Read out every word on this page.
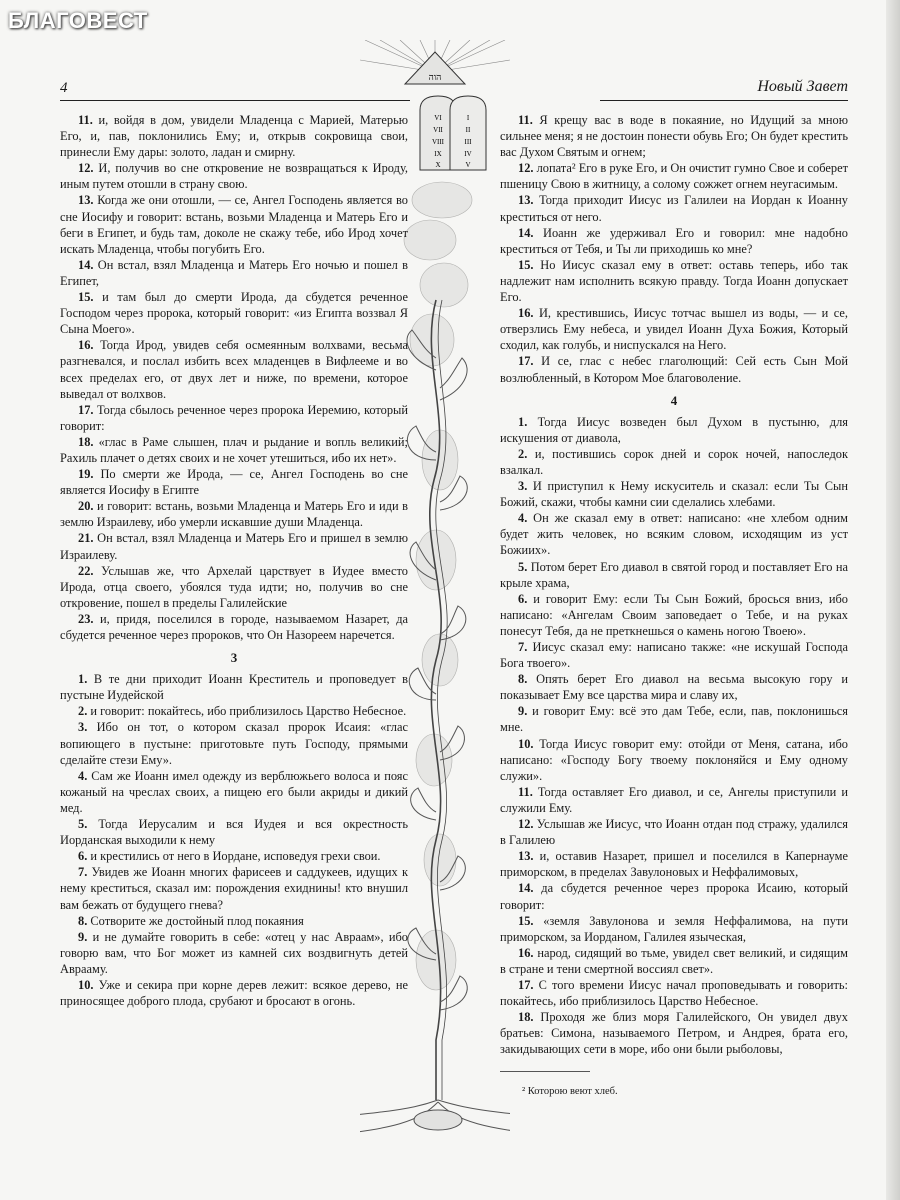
4	Новый Завет
הוה
VI
VII
VIII
IX
X
I
II
III
IV
V

11. и, войдя в дом, увидели Младенца с Марией, Матерью Его, и, пав, поклонились Ему; и, открыв сокровища свои, принесли Ему дары: золото, ладан и смирну.

12. И, получив во сне откровение не возвращаться к Ироду, иным путем отошли в страну свою.

13. Когда же они отошли, — се, Ангел Господень является во сне Иосифу и говорит: встань, возьми Младенца и Матерь Его и беги в Египет, и будь там, доколе не скажу тебе, ибо Ирод хочет искать Младенца, чтобы погубить Его.

14. Он встал, взял Младенца и Матерь Его ночью и пошел в Египет,

15. и там был до смерти Ирода, да сбудется реченное Господом через пророка, который говорит: «из Египта воззвал Я Сына Моего».

16. Тогда Ирод, увидев себя осмеянным волхвами, весьма разгневался, и послал избить всех младенцев в Вифлееме и во всех пределах его, от двух лет и ниже, по времени, которое выведал от волхвов.

17. Тогда сбылось реченное через пророка Иеремию, который говорит:

18. «глас в Раме слышен, плач и рыдание и вопль великий; Рахиль плачет о детях своих и не хочет утешиться, ибо их нет».

19. По смерти же Ирода, — се, Ангел Господень во сне является Иосифу в Египте

20. и говорит: встань, возьми Младенца и Матерь Его и иди в землю Израилеву, ибо умерли искавшие души Младенца.

21. Он встал, взял Младенца и Матерь Его и пришел в землю Израилеву.

22. Услышав же, что Архелай царствует в Иудее вместо Ирода, отца своего, убоялся туда идти; но, получив во сне откровение, пошел в пределы Галилейские

23. и, придя, поселился в городе, называемом Назарет, да сбудется реченное через пророков, что Он Назореем наречется.

3

1. В те дни приходит Иоанн Креститель и проповедует в пустыне Иудейской

2. и говорит: покайтесь, ибо приблизилось Царство Небесное.

3. Ибо он тот, о котором сказал пророк Исаия: «глас вопиющего в пустыне: приготовьте путь Господу, прямыми сделайте стези Ему».

4. Сам же Иоанн имел одежду из верблюжьего волоса и пояс кожаный на чреслах своих, а пищею его были акриды и дикий мед.

5. Тогда Иерусалим и вся Иудея и вся окрестность Иорданская выходили к нему

6. и крестились от него в Иордане, исповедуя грехи свои.

7. Увидев же Иоанн многих фарисеев и саддукеев, идущих к нему креститься, сказал им: порождения ехиднины! кто внушил вам бежать от будущего гнева?

8. Сотворите же достойный плод покаяния

9. и не думайте говорить в себе: «отец у нас Авраам», ибо говорю вам, что Бог может из камней сих воздвигнуть детей Аврааму.

10. Уже и секира при корне дерев лежит: всякое дерево, не приносящее доброго плода, срубают и бросают в огонь.

11. Я крещу вас в воде в покаяние, но Идущий за мною сильнее меня; я не достоин понести обувь Его; Он будет крестить вас Духом Святым и огнем;

12. лопата² Его в руке Его, и Он очистит гумно Свое и соберет пшеницу Свою в житницу, а солому сожжет огнем неугасимым.

13. Тогда приходит Иисус из Галилеи на Иордан к Иоанну креститься от него.

14. Иоанн же удерживал Его и говорил: мне надобно креститься от Тебя, и Ты ли приходишь ко мне?

15. Но Иисус сказал ему в ответ: оставь теперь, ибо так надлежит нам исполнить всякую правду. Тогда Иоанн допускает Его.

16. И, крестившись, Иисус тотчас вышел из воды, — и се, отверзлись Ему небеса, и увидел Иоанн Духа Божия, Который сходил, как голубь, и ниспускался на Него.

17. И се, глас с небес глаголющий: Сей есть Сын Мой возлюбленный, в Котором Мое благоволение.

4

1. Тогда Иисус возведен был Духом в пустыню, для искушения от диавола,

2. и, постившись сорок дней и сорок ночей, напоследок взалкал.

3. И приступил к Нему искуситель и сказал: если Ты Сын Божий, скажи, чтобы камни сии сделались хлебами.

4. Он же сказал ему в ответ: написано: «не хлебом одним будет жить человек, но всяким словом, исходящим из уст Божиих».

5. Потом берет Его диавол в святой город и поставляет Его на крыле храма,

6. и говорит Ему: если Ты Сын Божий, бросься вниз, ибо написано: «Ангелам Своим заповедает о Тебе, и на руках понесут Тебя, да не преткнешься о камень ногою Твоею».

7. Иисус сказал ему: написано также: «не искушай Господа Бога твоего».

8. Опять берет Его диавол на весьма высокую гору и показывает Ему все царства мира и славу их,

9. и говорит Ему: всё это дам Тебе, если, пав, поклонишься мне.

10. Тогда Иисус говорит ему: отойди от Меня, сатана, ибо написано: «Господу Богу твоему поклоняйся и Ему одному служи».

11. Тогда оставляет Его диавол, и се, Ангелы приступили и служили Ему.

12. Услышав же Иисус, что Иоанн отдан под стражу, удалился в Галилею

13. и, оставив Назарет, пришел и поселился в Капернауме приморском, в пределах Завулоновых и Неффалимовых,

14. да сбудется реченное через пророка Исаию, который говорит:

15. «земля Завулонова и земля Неффалимова, на пути приморском, за Иорданом, Галилея языческая,

16. народ, сидящий во тьме, увидел свет великий, и сидящим в стране и тени смертной воссиял свет».

17. С того времени Иисус начал проповедывать и говорить: покайтесь, ибо приблизилось Царство Небесное.

18. Проходя же близ моря Галилейского, Он увидел двух братьев: Симона, называемого Петром, и Андрея, брата его, закидывающих сети в море, ибо они были рыболовы,

² Которою веют хлеб.
БЛАГОВЕСТ
